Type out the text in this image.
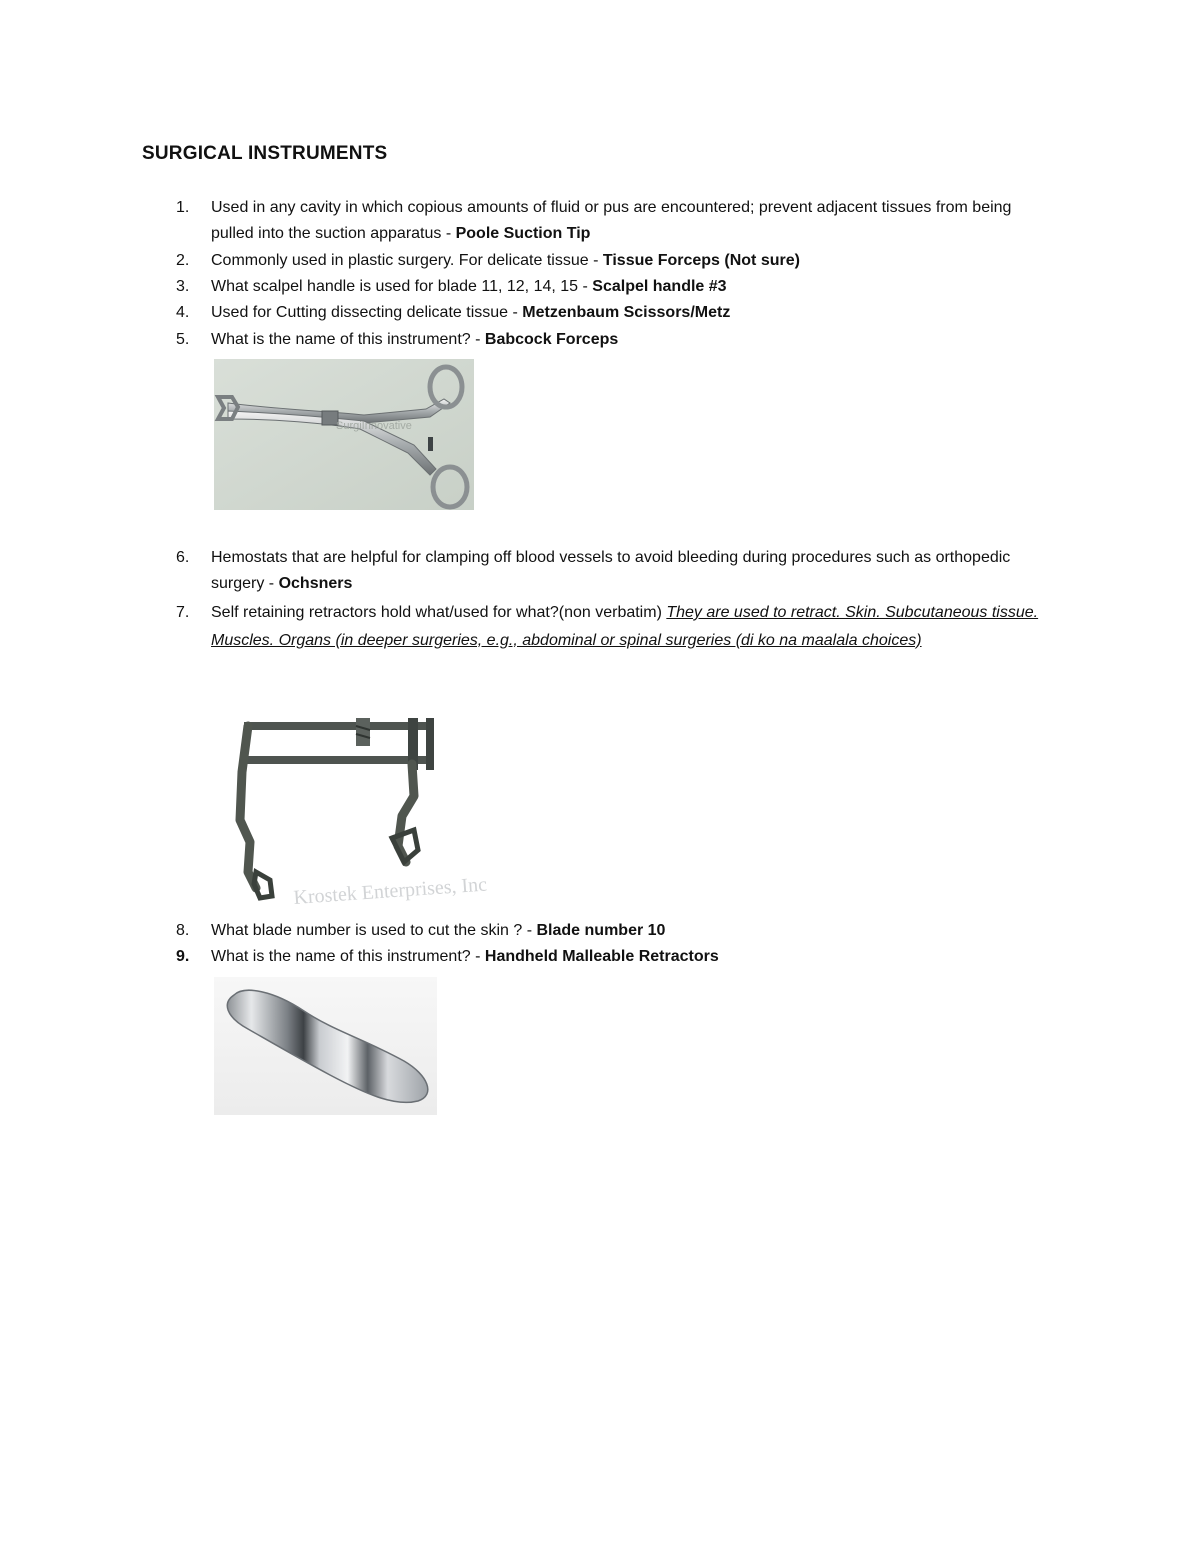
SURGICAL INSTRUMENTS
1. Used in any cavity in which copious amounts of fluid or pus are encountered; prevent adjacent tissues from being pulled into the suction apparatus - Poole Suction Tip
2. Commonly used in plastic surgery. For delicate tissue - Tissue Forceps (Not sure)
3. What scalpel handle is used for blade 11, 12, 14, 15 - Scalpel handle #3
4. Used for Cutting dissecting delicate tissue - Metzenbaum Scissors/Metz
5. What is the name of this instrument? - Babcock Forceps
SurgiInnovative
6. Hemostats that are helpful for clamping off blood vessels to avoid bleeding during procedures such as orthopedic surgery - Ochsners
7. Self retaining retractors hold what/used for what?(non verbatim) They are used to retract. Skin. Subcutaneous tissue. Muscles. Organs (in deeper surgeries, e.g., abdominal or spinal surgeries (di ko na maalala choices)
Krostek Enterprises, Inc
8. What blade number is used to cut the skin ? - Blade number 10
9. What is the name of this instrument? - Handheld Malleable Retractors
